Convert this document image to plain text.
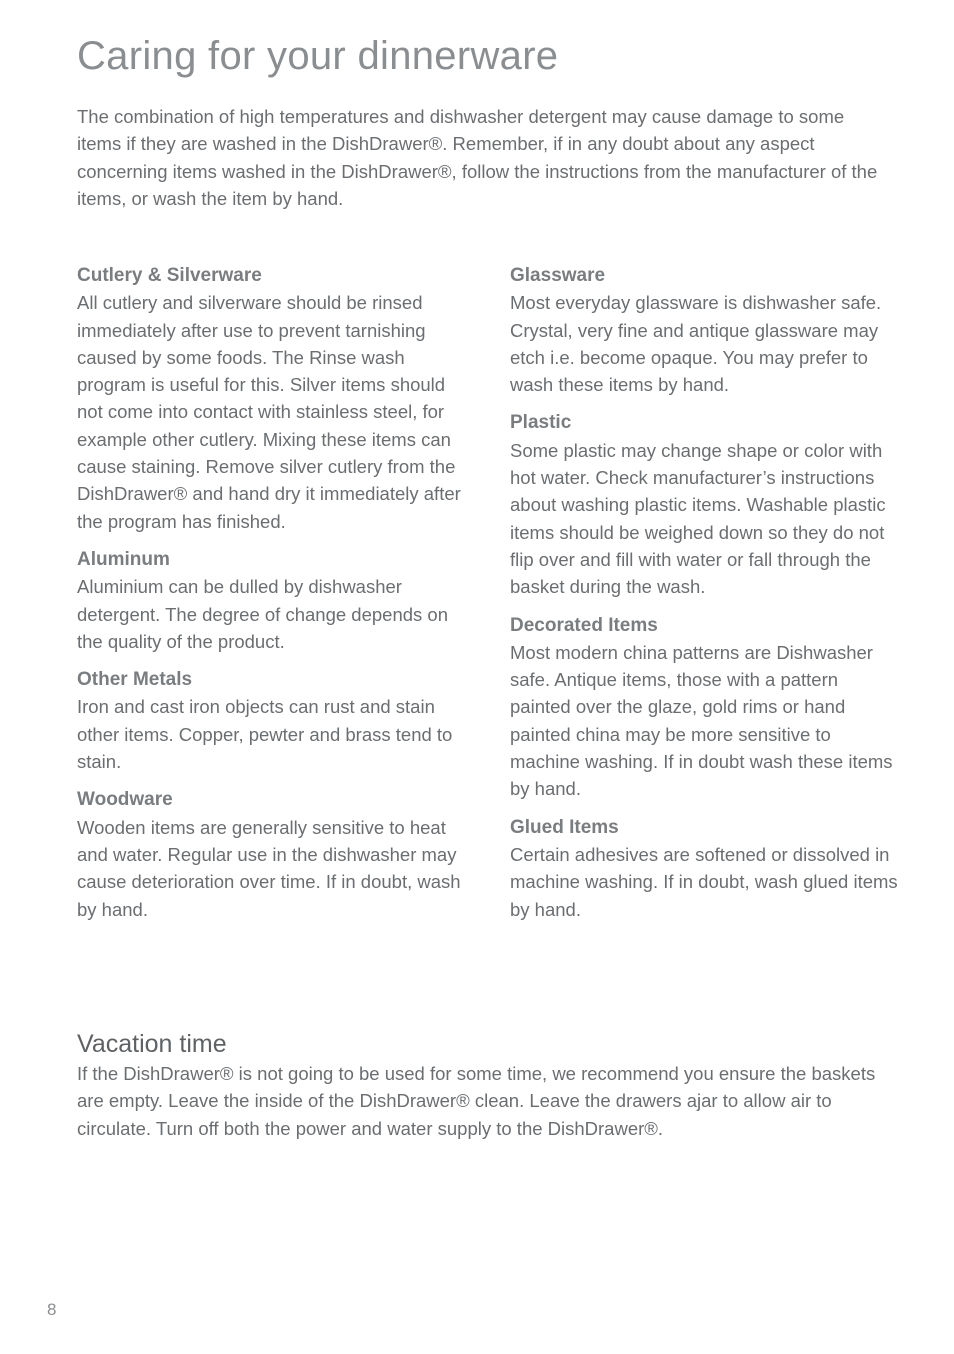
Caring for your dinnerware

The combination of high temperatures and dishwasher detergent may cause damage to some items if they are washed in the DishDrawer®. Remember, if in any doubt about any aspect concerning items washed in the DishDrawer®, follow the instructions from the manufacturer of the items, or wash the item by hand.

Cutlery & Silverware

All cutlery and silverware should be rinsed immediately after use to prevent tarnishing caused by some foods. The Rinse wash program is useful for this. Silver items should not come into contact with stainless steel, for example other cutlery. Mixing these items can cause staining. Remove silver cutlery from the DishDrawer® and hand dry it immediately after the program has finished.

Aluminum

Aluminium can be dulled by dishwasher detergent. The degree of change depends on the quality of the product.

Other Metals

Iron and cast iron objects can rust and stain other items. Copper, pewter and brass tend to stain.

Woodware

Wooden items are generally sensitive to heat and water. Regular use in the dishwasher may cause deterioration over time. If in doubt, wash by hand.

Glassware

Most everyday glassware is dishwasher safe. Crystal, very fine and antique glassware may etch i.e. become opaque. You may prefer to wash these items by hand.

Plastic

Some plastic may change shape or color with hot water. Check manufacturer’s instructions about washing plastic items. Washable plastic items should be weighed down so they do not flip over and fill with water or fall through the basket during the wash.

Decorated Items

Most modern china patterns are Dishwasher safe. Antique items, those with a pattern painted over the glaze, gold rims or hand painted china may be more sensitive to machine washing. If in doubt wash these items by hand.

Glued Items

Certain adhesives are softened or dissolved in machine washing. If in doubt, wash glued items by hand.

Vacation time

If the DishDrawer® is not going to be used for some time, we recommend you ensure the baskets are empty. Leave the inside of the DishDrawer® clean. Leave the drawers ajar to allow air to circulate. Turn off both the power and water supply to the DishDrawer®.

8
